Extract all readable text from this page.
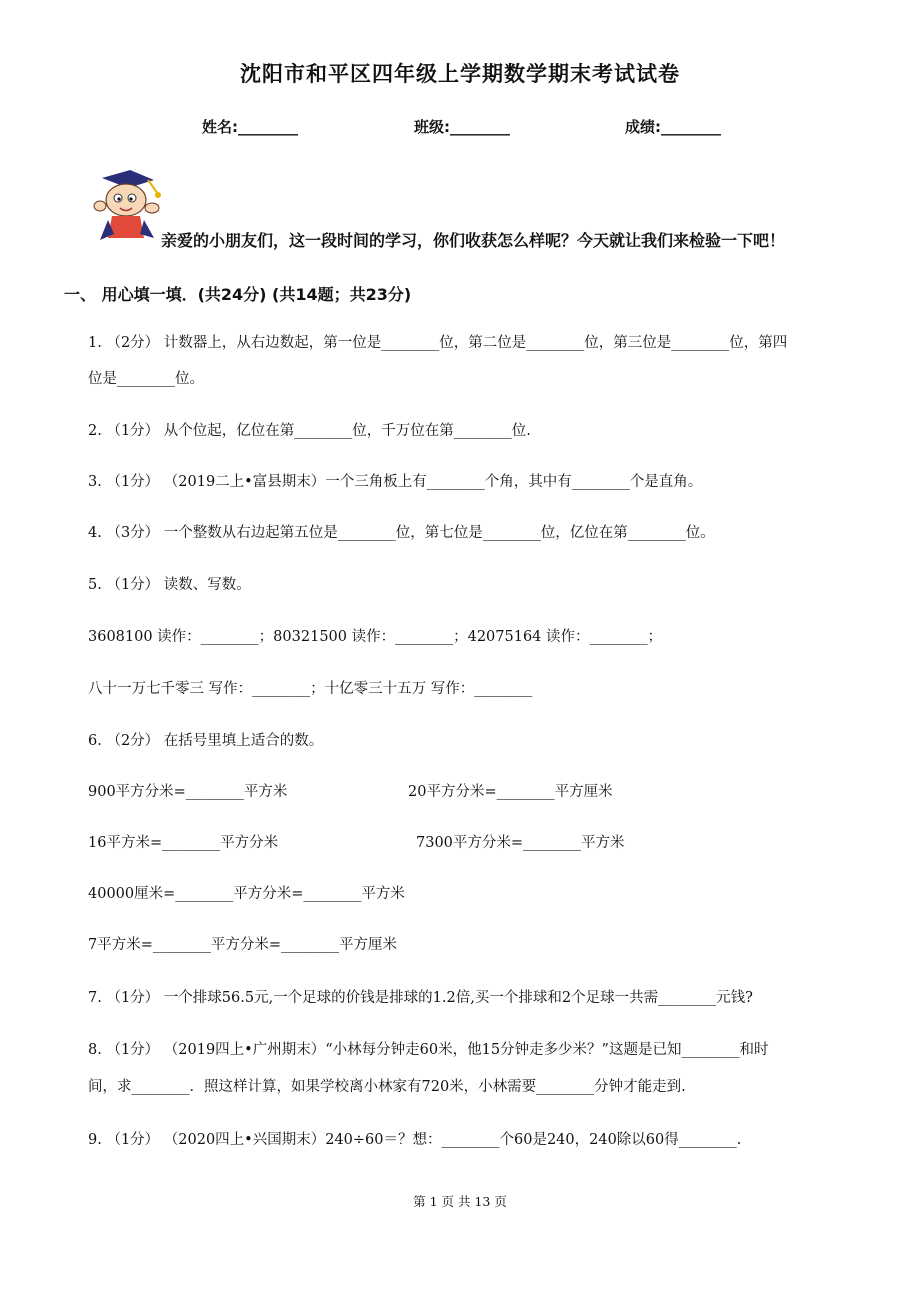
沈阳市和平区四年级上学期数学期末考试试卷
姓名:________	班级:________	成绩:________
亲爱的小朋友们，这一段时间的学习，你们收获怎么样呢？今天就让我们来检验一下吧！
一、 用心填一填．(共24分) (共14题；共23分)
1. （2分） 计数器上，从右边数起，第一位是________位，第二位是________位，第三位是________位，第四
位是________位。
2. （1分） 从个位起，亿位在第________位，千万位在第________位.
3. （1分） （2019二上•富县期末）一个三角板上有________个角，其中有________个是直角。
4. （3分） 一个整数从右边起第五位是________位，第七位是________位，亿位在第________位。
5. （1分） 读数、写数。
3608100 读作：________；80321500 读作：________；42075164 读作：________；
八十一万七千零三 写作：________；十亿零三十五万 写作：________
6. （2分） 在括号里填上适合的数。
900平方分米=________平方米	20平方分米=________平方厘米
16平方米=________平方分米	7300平方分米=________平方米
40000厘米=________平方分米=________平方米
7平方米=________平方分米=________平方厘米
7. （1分） 一个排球56.5元,一个足球的价钱是排球的1.2倍,买一个排球和2个足球一共需________元钱?
8. （1分） （2019四上•广州期末）“小林每分钟走60米，他15分钟走多少米？”这题是已知________和时
间，求________．照这样计算，如果学校离小林家有720米，小林需要________分钟才能走到.
9. （1分） （2020四上•兴国期末）240÷60＝？想：________个60是240，240除以60得________.
第 1 页 共 13 页
